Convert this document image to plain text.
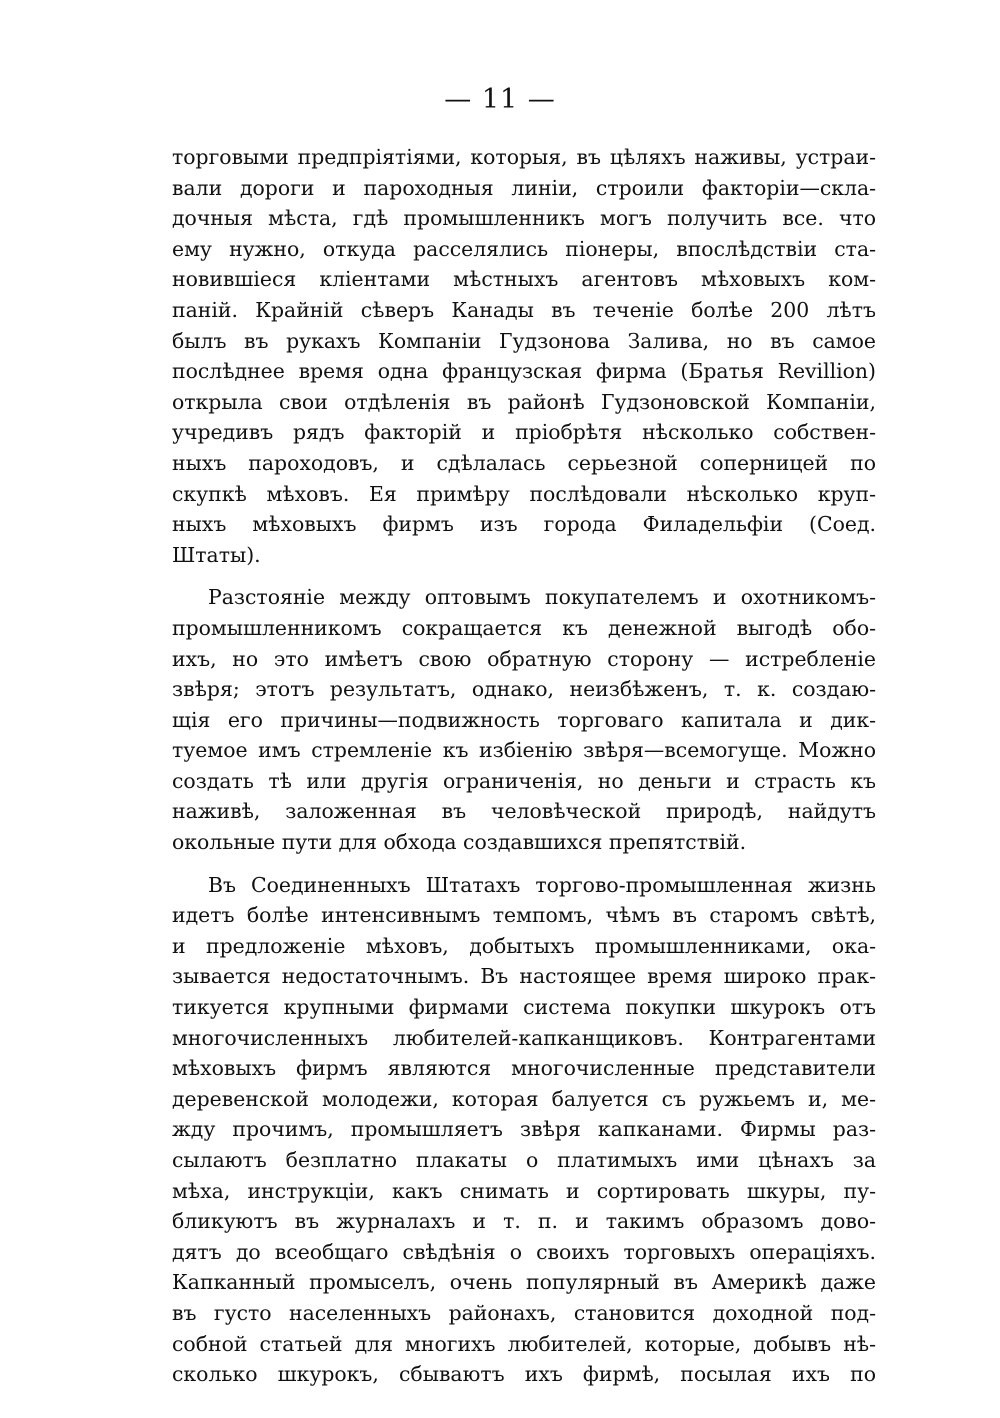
— 11 —
торговыми предпріятіями, которыя, въ цѣляхъ наживы, устраи-
вали дороги и пароходныя линіи, строили факторіи—скла-
дочныя мѣста, гдѣ промышленникъ могъ получить все. что
ему нужно, откуда расселялись піонеры, впослѣдствіи ста-
новившіеся кліентами мѣстныхъ агентовъ мѣховыхъ ком-
паній. Крайній сѣверъ Канады въ теченіе болѣе 200 лѣтъ
былъ въ рукахъ Компаніи Гудзонова Залива, но въ самое
послѣднее время одна французская фирма (Братья Revillion)
открыла свои отдѣленія въ районѣ Гудзоновской Компаніи,
учредивъ рядъ факторій и пріобрѣтя нѣсколько собствен-
ныхъ пароходовъ, и сдѣлалась серьезной соперницей по
скупкѣ мѣховъ. Ея примѣру послѣдовали нѣсколько круп-
ныхъ мѣховыхъ фирмъ изъ города Филадельфіи (Соед.
Штаты).
Разстояніе между оптовымъ покупателемъ и охотникомъ-
промышленникомъ сокращается къ денежной выгодѣ обо-
ихъ, но это имѣетъ свою обратную сторону — истребленіе
звѣря; этотъ результатъ, однако, неизбѣженъ, т. к. создаю-
щія его причины—подвижность торговаго капитала и дик-
туемое имъ стремленіе къ избіенію звѣря—всемогуще. Можно
создать тѣ или другія ограниченія, но деньги и страсть къ
наживѣ, заложенная въ человѣческой природѣ, найдутъ
окольные пути для обхода создавшихся препятствій.
Въ Соединенныхъ Штатахъ торгово-промышленная жизнь
идетъ болѣе интенсивнымъ темпомъ, чѣмъ въ старомъ свѣтѣ,
и предложеніе мѣховъ, добытыхъ промышленниками, ока-
зывается недостаточнымъ. Въ настоящее время широко прак-
тикуется крупными фирмами система покупки шкурокъ отъ
многочисленныхъ любителей-капканщиковъ. Контрагентами
мѣховыхъ фирмъ являются многочисленные представители
деревенской молодежи, которая балуется съ ружьемъ и, ме-
жду прочимъ, промышляетъ звѣря капканами. Фирмы раз-
сылаютъ безплатно плакаты о платимыхъ ими цѣнахъ за
мѣха, инструкціи, какъ снимать и сортировать шкуры, пу-
бликуютъ въ журналахъ и т. п. и такимъ образомъ дово-
дятъ до всеобщаго свѣдѣнія о своихъ торговыхъ операціяхъ.
Капканный промыселъ, очень популярный въ Америкѣ даже
въ густо населенныхъ районахъ, становится доходной под-
собной статьей для многихъ любителей, которые, добывъ нѣ-
сколько шкурокъ, сбываютъ ихъ фирмѣ, посылая ихъ по
